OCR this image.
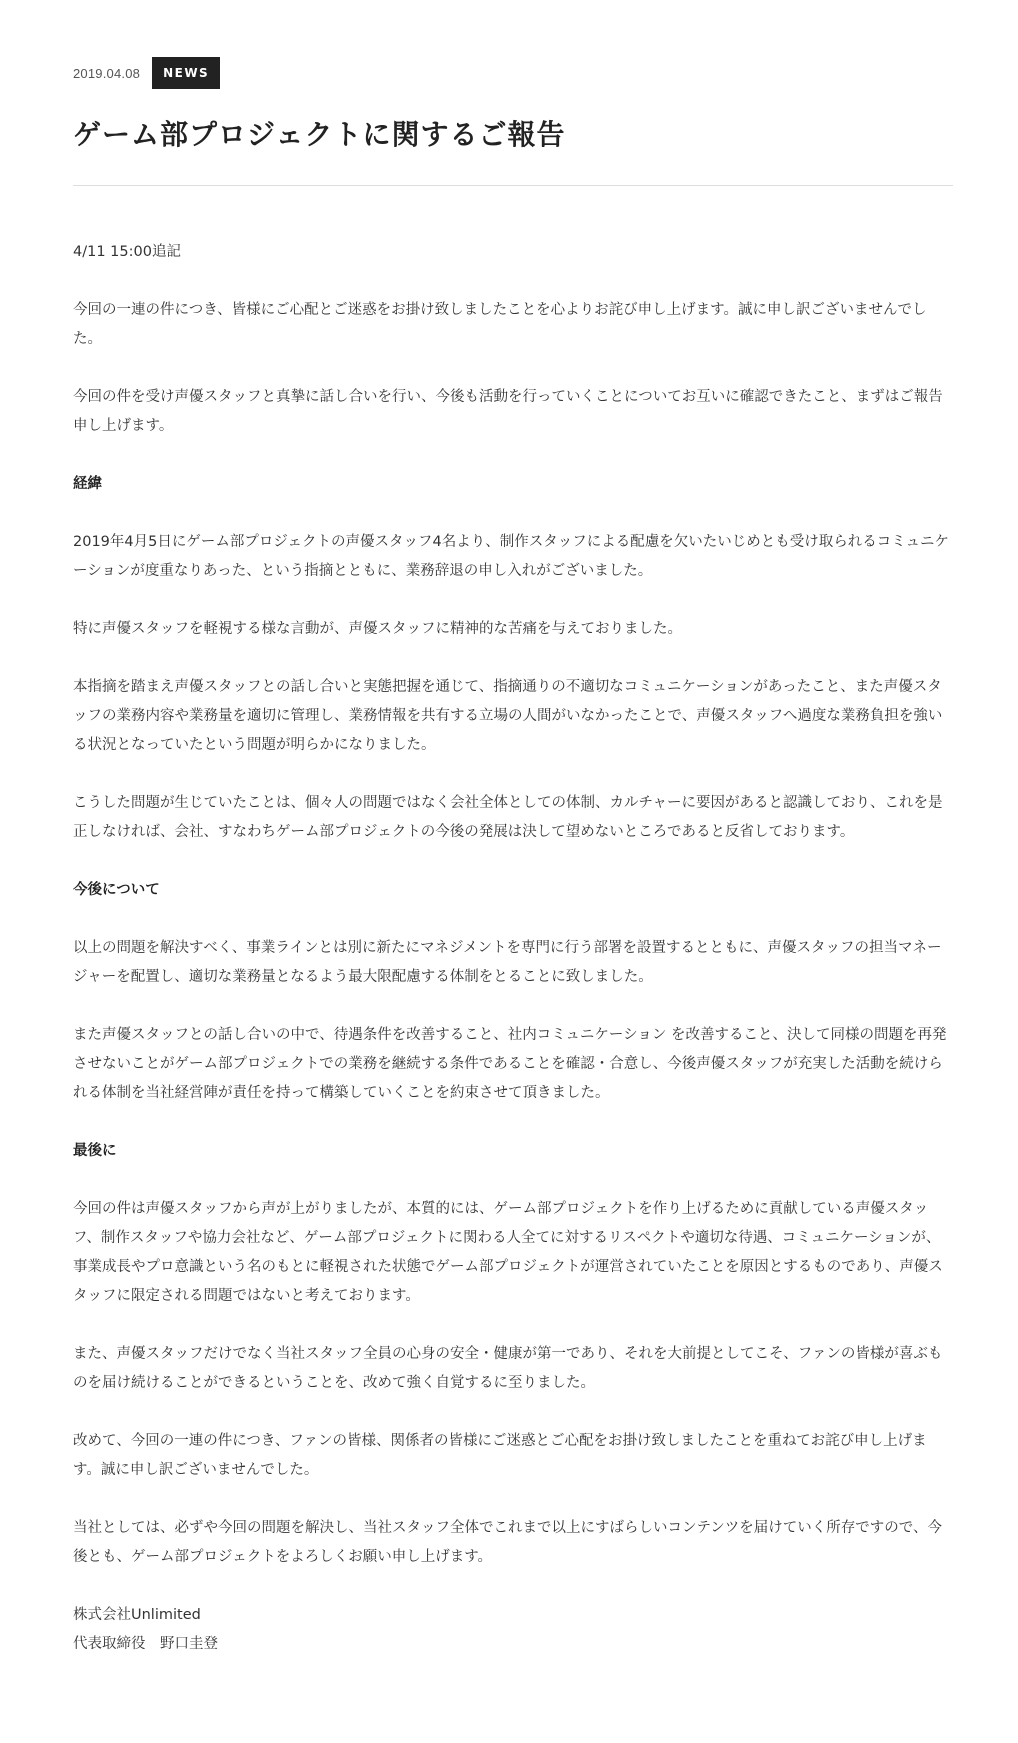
2019.04.08	NEWS
ゲーム部プロジェクトに関するご報告

4/11 15:00追記

今回の一連の件につき、皆様にご心配とご迷惑をお掛け致しましたことを心よりお詫び申し上げます。誠に申し訳ございませんでした。

今回の件を受け声優スタッフと真摯に話し合いを行い、今後も活動を行っていくことについてお互いに確認できたこと、まずはご報告申し上げます。

経緯

2019年4月5日にゲーム部プロジェクトの声優スタッフ4名より、制作スタッフによる配慮を欠いたいじめとも受け取られるコミュニケーションが度重なりあった、という指摘とともに、業務辞退の申し入れがございました。

特に声優スタッフを軽視する様な言動が、声優スタッフに精神的な苦痛を与えておりました。

本指摘を踏まえ声優スタッフとの話し合いと実態把握を通じて、指摘通りの不適切なコミュニケーションがあったこと、また声優スタッフの業務内容や業務量を適切に管理し、業務情報を共有する立場の人間がいなかったことで、声優スタッフへ過度な業務負担を強いる状況となっていたという問題が明らかになりました。

こうした問題が生じていたことは、個々人の問題ではなく会社全体としての体制、カルチャーに要因があると認識しており、これを是正しなければ、会社、すなわちゲーム部プロジェクトの今後の発展は決して望めないところであると反省しております。

今後について

以上の問題を解決すべく、事業ラインとは別に新たにマネジメントを専門に行う部署を設置するとともに、声優スタッフの担当マネージャーを配置し、適切な業務量となるよう最大限配慮する体制をとることに致しました。

また声優スタッフとの話し合いの中で、待遇条件を改善すること、社内コミュニケーション を改善すること、決して同様の問題を再発させないことがゲーム部プロジェクトでの業務を継続する条件であることを確認・合意し、今後声優スタッフが充実した活動を続けられる体制を当社経営陣が責任を持って構築していくことを約束させて頂きました。

最後に

今回の件は声優スタッフから声が上がりましたが、本質的には、ゲーム部プロジェクトを作り上げるために貢献している声優スタッフ、制作スタッフや協力会社など、ゲーム部プロジェクトに関わる人全てに対するリスペクトや適切な待遇、コミュニケーションが、事業成長やプロ意識という名のもとに軽視された状態でゲーム部プロジェクトが運営されていたことを原因とするものであり、声優スタッフに限定される問題ではないと考えております。

また、声優スタッフだけでなく当社スタッフ全員の心身の安全・健康が第一であり、それを大前提としてこそ、ファンの皆様が喜ぶものを届け続けることができるということを、改めて強く自覚するに至りました。

改めて、今回の一連の件につき、ファンの皆様、関係者の皆様にご迷惑とご心配をお掛け致しましたことを重ねてお詫び申し上げます。誠に申し訳ございませんでした。

当社としては、必ずや今回の問題を解決し、当社スタッフ全体でこれまで以上にすばらしいコンテンツを届けていく所存ですので、今後とも、ゲーム部プロジェクトをよろしくお願い申し上げます。

株式会社Unlimited
代表取締役　野口圭登
